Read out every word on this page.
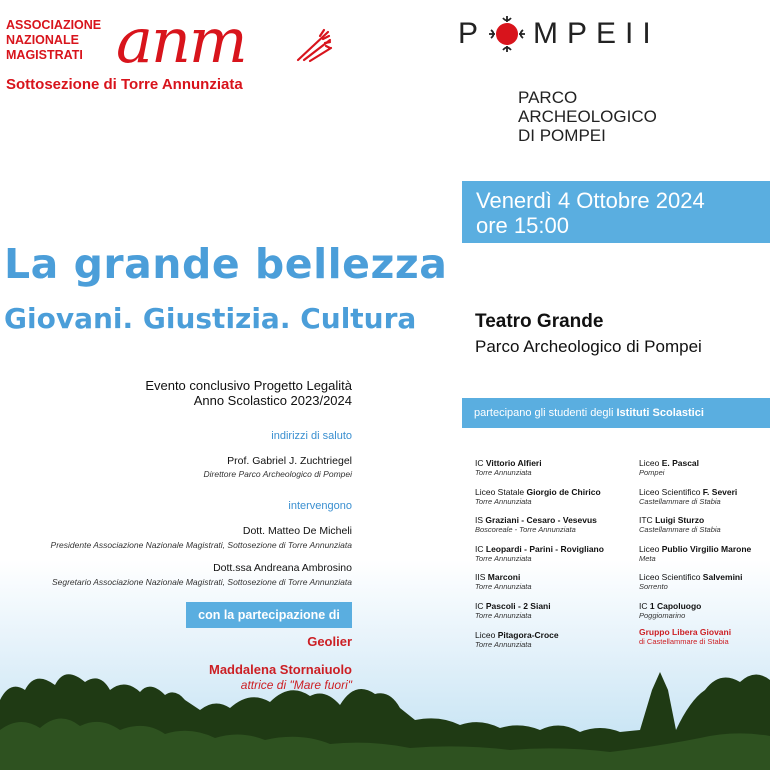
ASSOCIAZIONE
NAZIONALE
MAGISTRATI anm
Sottosezione di Torre Annunziata
P MPEII
PARCO
ARCHEOLOGICO
DI POMPEI
Venerdì 4 Ottobre 2024
ore 15:00
La grande bellezza
Giovani. Giustizia. Cultura	Teatro Grande
Parco Archeologico di Pompei
Evento conclusivo Progetto Legalità
Anno Scolastico 2023/2024
indirizzi di saluto
Prof. Gabriel J. Zuchtriegel
Direttore Parco Archeologico di Pompei
intervengono
Dott. Matteo De Micheli
Presidente Associazione Nazionale Magistrati, Sottosezione di Torre Annunziata
Dott.ssa Andreana Ambrosino
Segretario Associazione Nazionale Magistrati, Sottosezione di Torre Annunziata
con la partecipazione di
Geolier
Maddalena Stornaiuolo
attrice di "Mare fuori"
partecipano gli studenti degli Istituti Scolastici
IC Vittorio Alfieri
Torre Annunziata
Liceo Statale Giorgio de Chirico
Torre Annunziata
IS Graziani - Cesaro - Vesevus
Boscoreale - Torre Annunziata
IC Leopardi - Parini - Rovigliano
Torre Annunziata
IIS Marconi
Torre Annunziata
IC Pascoli - 2 Siani
Torre Annunziata
Liceo Pitagora-Croce
Torre Annunziata
Liceo E. Pascal
Pompei
Liceo Scientifico F. Severi
Castellammare di Stabia
ITC Luigi Sturzo
Castellammare di Stabia
Liceo Publio Virgilio Marone
Meta
Liceo Scientifico Salvemini
Sorrento
IC 1 Capoluogo
Poggiomarino
Gruppo Libera Giovani
di Castellammare di Stabia
